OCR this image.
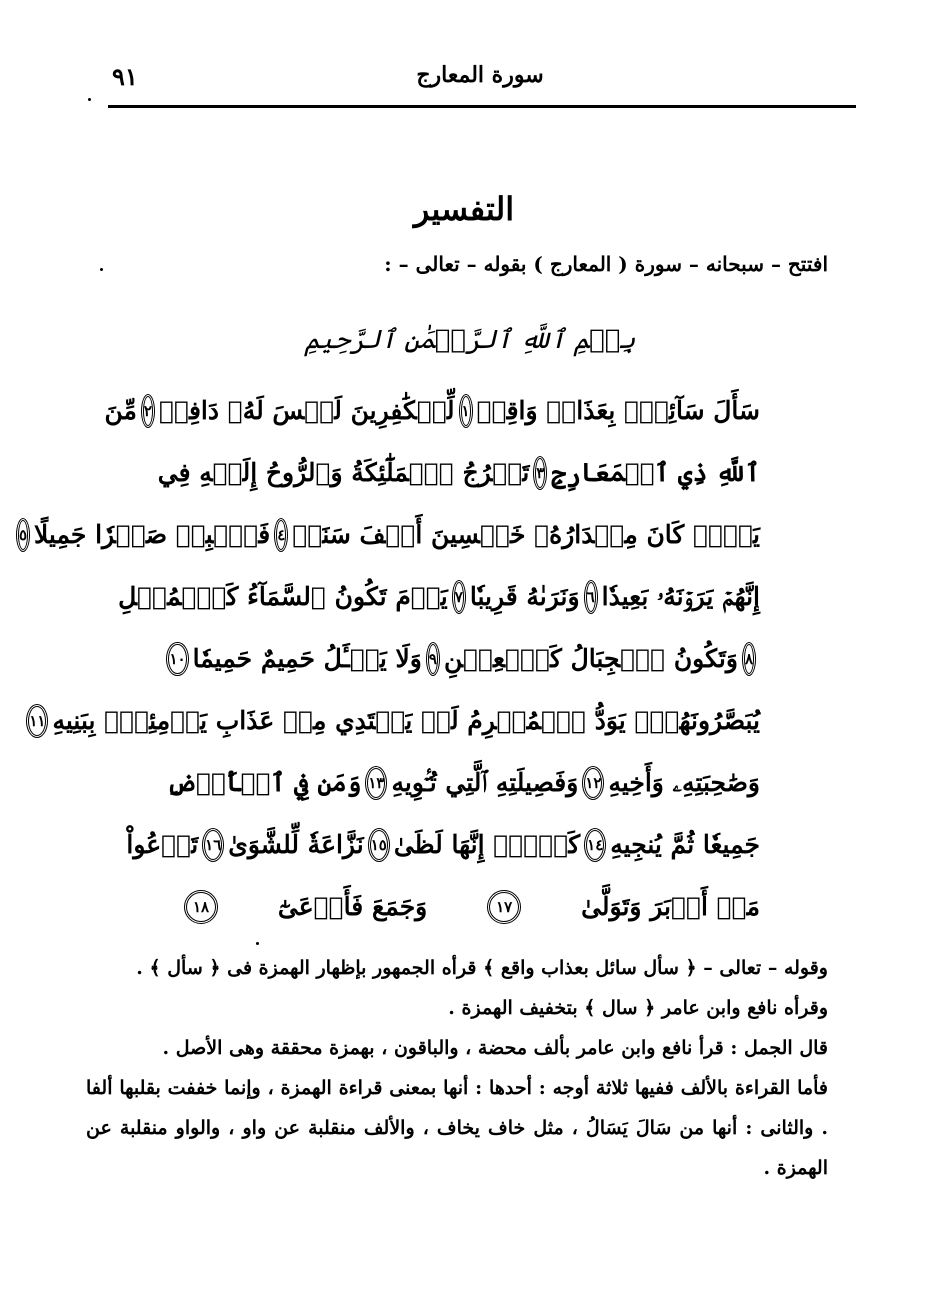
٩١	سورة المعارج
التفسير
افتتح – سبحانه – سورة ( المعارج ) بقوله – تعالى – :
بِسۡمِ ٱللَّهِ ٱلرَّحۡمَٰنِ ٱلرَّحِيمِ
سَأَلَ سَآئِلُۢ بِعَذَابٖ وَاقِعٖ
١
لِّلۡكَٰفِرِينَ لَيۡسَ لَهُۥ دَافِعٞ
٢
مِّنَ
ٱللَّهِ ذِي ٱلۡمَعَارِجِ
٣
تَعۡرُجُ ٱلۡمَلَٰٓئِكَةُ وَٱلرُّوحُ إِلَيۡهِ فِي
يَوۡمٖ كَانَ مِقۡدَارُهُۥ خَمۡسِينَ أَلۡفَ سَنَةٖ
٤
فَٱصۡبِرۡ صَبۡرٗا جَمِيلًا
٥
إِنَّهُمۡ يَرَوۡنَهُۥ بَعِيدٗا
٦
وَنَرَىٰهُ قَرِيبٗا
٧
يَوۡمَ تَكُونُ ٱلسَّمَآءُ كَٱلۡمُهۡلِ
٨
وَتَكُونُ ٱلۡجِبَالُ كَٱلۡعِهۡنِ
٩
وَلَا يَسۡـَٔلُ حَمِيمٌ حَمِيمٗا
١٠
يُبَصَّرُونَهُمۡۚ يَوَدُّ ٱلۡمُجۡرِمُ لَوۡ يَفۡتَدِي مِنۡ عَذَابِ يَوۡمِئِذِۭ بِبَنِيهِ
١١
وَصَٰحِبَتِهِۦ وَأَخِيهِ
١٢
وَفَصِيلَتِهِ ٱلَّتِي تُـٔۡوِيهِ
١٣
وَمَن فِي ٱلۡأَرۡضِ
جَمِيعٗا ثُمَّ يُنجِيهِ
١٤
كَلَّآۖ إِنَّهَا لَظَىٰ
١٥
نَزَّاعَةٗ لِّلشَّوَىٰ
١٦
تَدۡعُواْ
مَنۡ أَدۡبَرَ وَتَوَلَّىٰ
١٧
وَجَمَعَ فَأَوۡعَىٰٓ
١٨
وقوله – تعالى – ﴿ سأل سائل بعذاب واقع ﴾ قرأه الجمهور بإظهار الهمزة فى ﴿ سأل ﴾ .
وقرأه نافع وابن عامر ﴿ سال ﴾ بتخفيف الهمزة .
قال الجمل : قرأ نافع وابن عامر بألف محضة ، والباقون ، بهمزة محققة وهى الأصل .
فأما القراءة بالألف ففيها ثلاثة أوجه : أحدها : أنها بمعنى قراءة الهمزة ، وإنما خففت بقلبها ألفا . والثانى : أنها من سَالَ يَسَالُ ، مثل خاف يخاف ، والألف منقلبة عن واو ، والواو منقلبة عن الهمزة .
